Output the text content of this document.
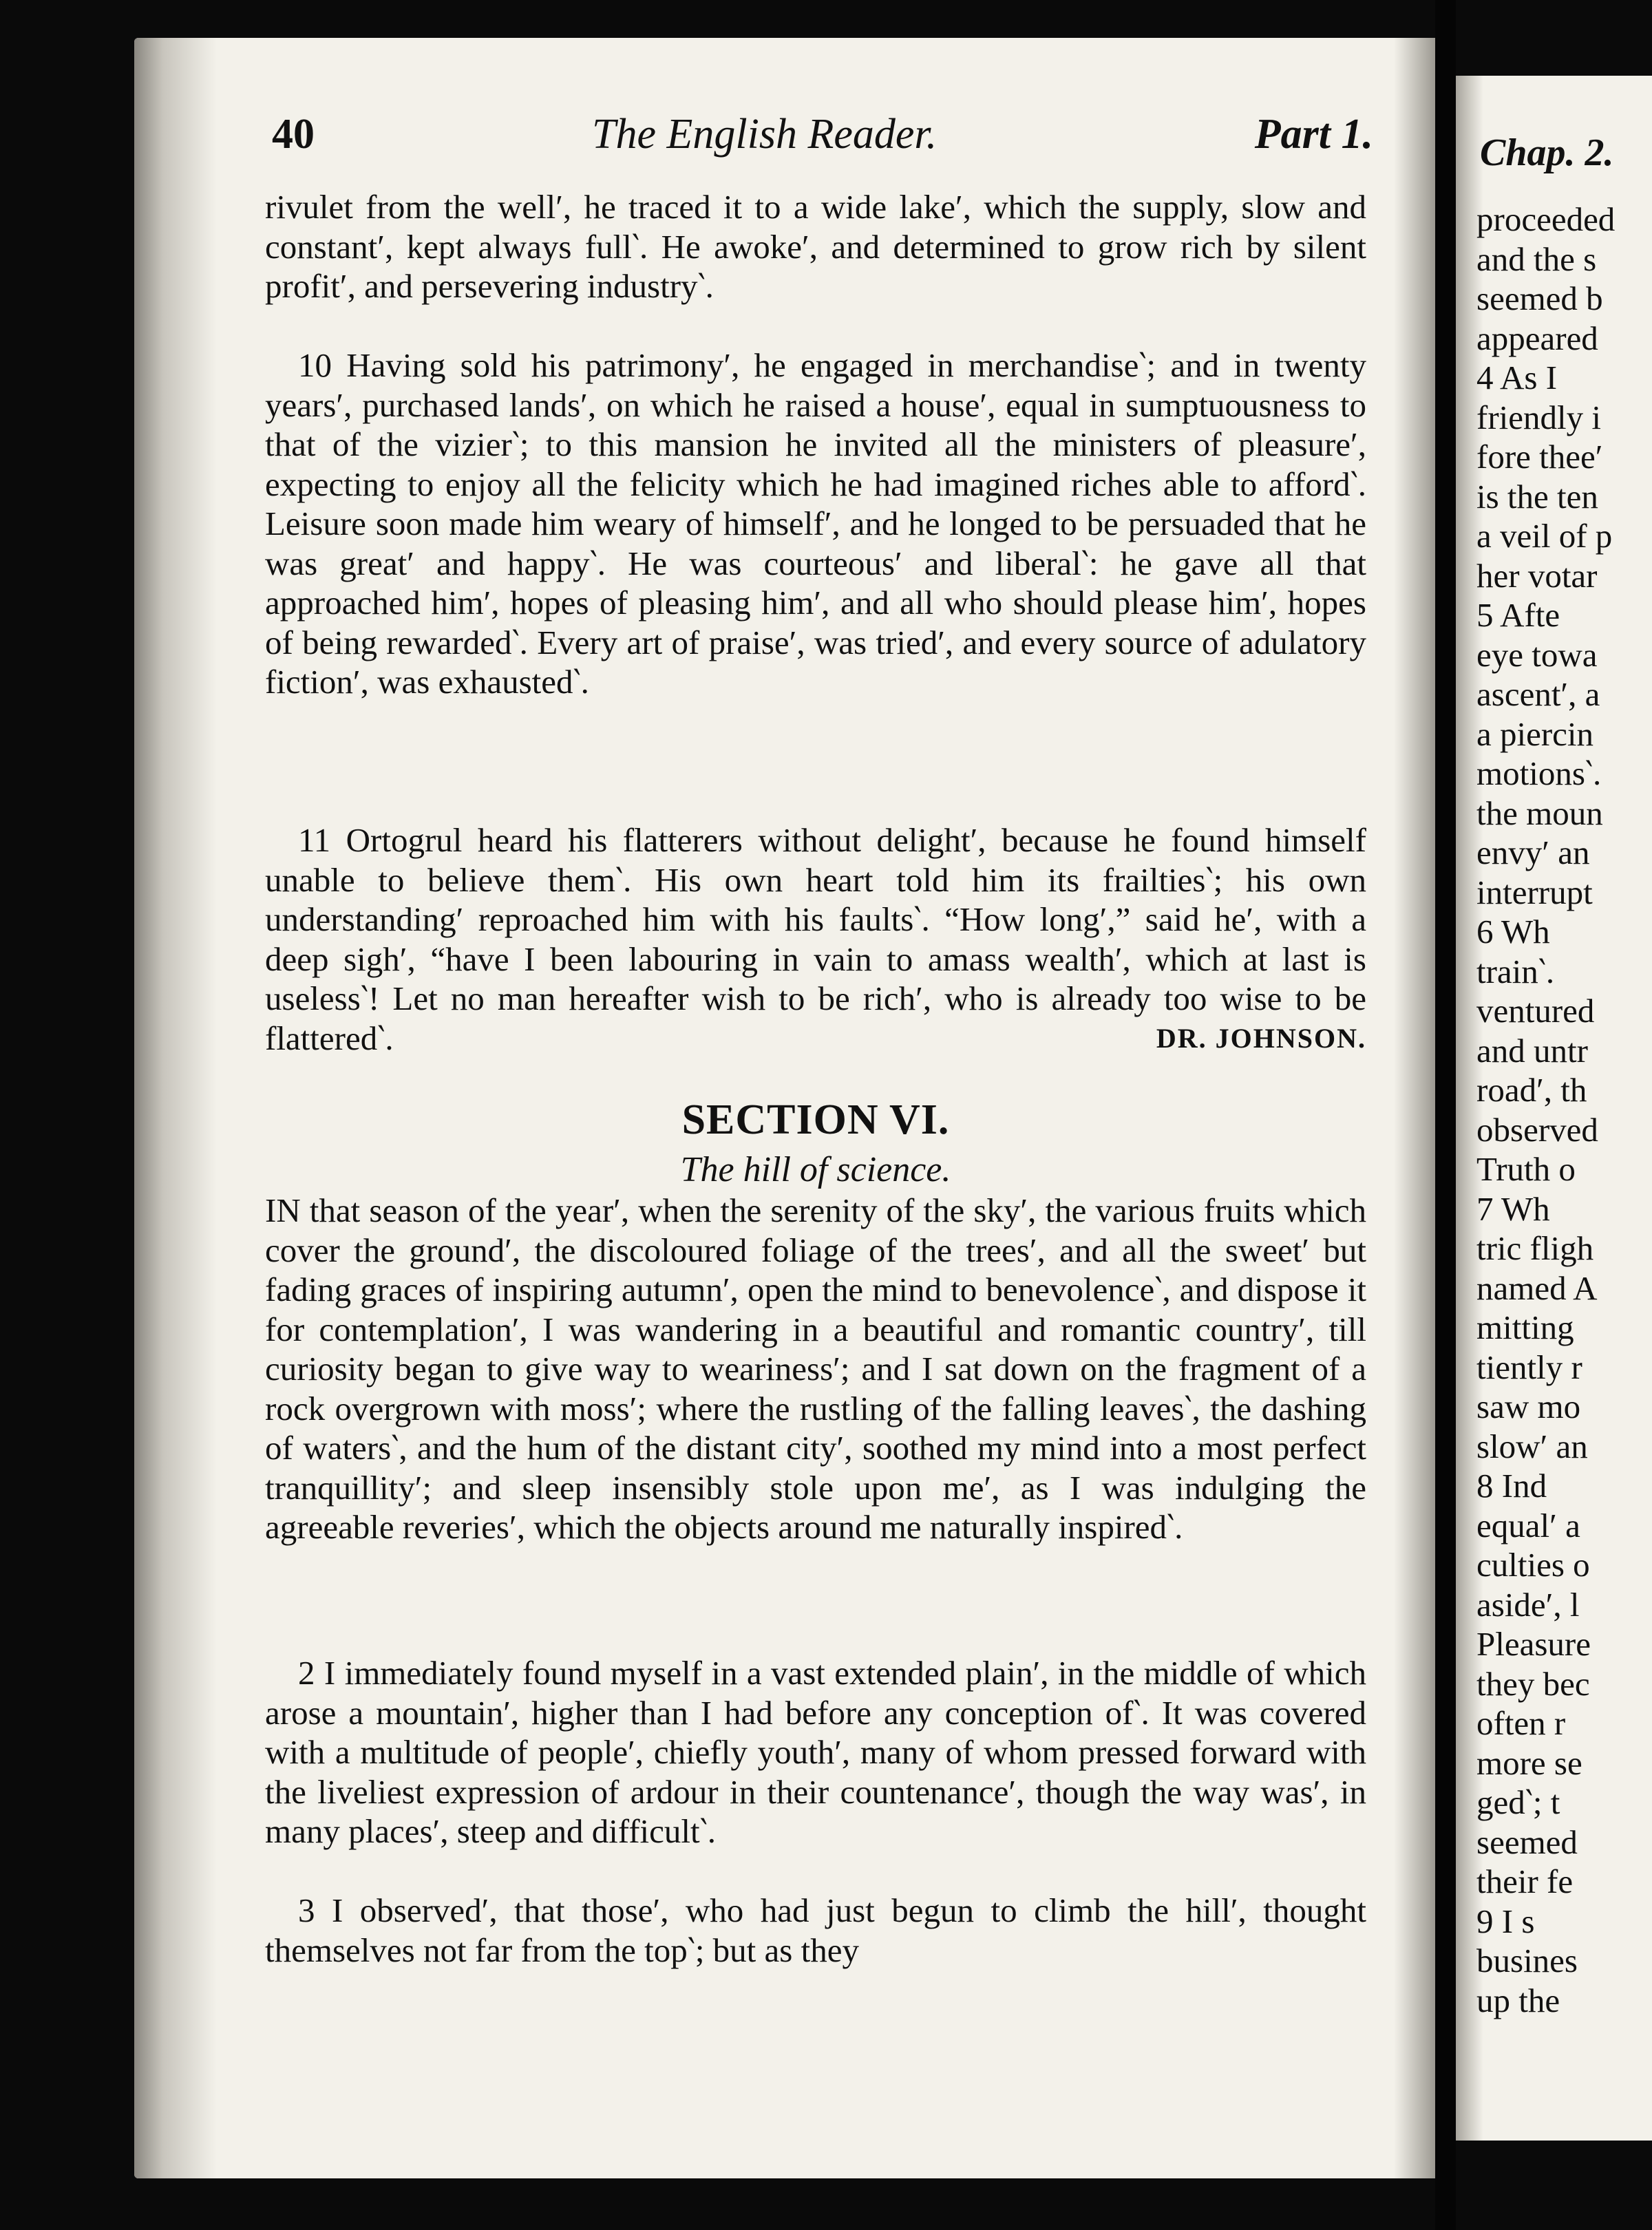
40	The English Reader.	Part 1.

rivulet from the well′, he traced it to a wide lake′, which the supply, slow and constant′, kept always full‵. He awoke′, and determined to grow rich by silent profit′, and persevering industry‵.

10 Having sold his patrimony′, he engaged in merchandise‵; and in twenty years′, purchased lands′, on which he raised a house′, equal in sumptuousness to that of the vizier‵; to this mansion he invited all the ministers of pleasure′, expecting to enjoy all the felicity which he had imagined riches able to afford‵. Leisure soon made him weary of himself′, and he longed to be persuaded that he was great′ and happy‵. He was courteous′ and liberal‵: he gave all that approached him′, hopes of pleasing him′, and all who should please him′, hopes of being rewarded‵. Every art of praise′, was tried′, and every source of adulatory fiction′, was exhausted‵.

11 Ortogrul heard his flatterers without delight′, because he found himself unable to believe them‵. His own heart told him its frailties‵; his own understanding′ reproached him with his faults‵. “How long′,” said he′, with a deep sigh′, “have I been labouring in vain to amass wealth′, which at last is useless‵! Let no man hereafter wish to be rich′, who is already too wise to be flattered‵.	DR. JOHNSON.

SECTION VI.
The hill of science.

IN that season of the year′, when the serenity of the sky′, the various fruits which cover the ground′, the discoloured foliage of the trees′, and all the sweet′ but fading graces of inspiring autumn′, open the mind to benevolence‵, and dispose it for contemplation′, I was wandering in a beautiful and romantic country′, till curiosity began to give way to weariness′; and I sat down on the fragment of a rock overgrown with moss′; where the rustling of the falling leaves‵, the dashing of waters‵, and the hum of the distant city′, soothed my mind into a most perfect tranquillity′; and sleep insensibly stole upon me′, as I was indulging the agreeable reveries′, which the objects around me naturally inspired‵.

2 I immediately found myself in a vast extended plain′, in the middle of which arose a mountain′, higher than I had before any conception of‵. It was covered with a multitude of people′, chiefly youth′, many of whom pressed forward with the liveliest expression of ardour in their countenance′, though the way was′, in many places′, steep and difficult‵.

3 I observed′, that those′, who had just begun to climb the hill′, thought themselves not far from the top‵; but as they

Chap. 2.
proceeded
and the s
seemed b
appeared
4 As I
friendly i
fore thee′
is the ten
a veil of p
her votar
5 Afte
eye towa
ascent′, a
a piercin
motions‵.
the moun
envy′ an
interrupt
6 Wh
train‵.
ventured
and untr
road′, th
observed
Truth o
7 Wh
tric fligh
named A
mitting
tiently r
saw mo
slow′ an
8 Ind
equal′ a
culties o
aside′, l
Pleasure
they bec
often r
more se
ged‵; t
seemed
their fe
9 I s
busines
up the
